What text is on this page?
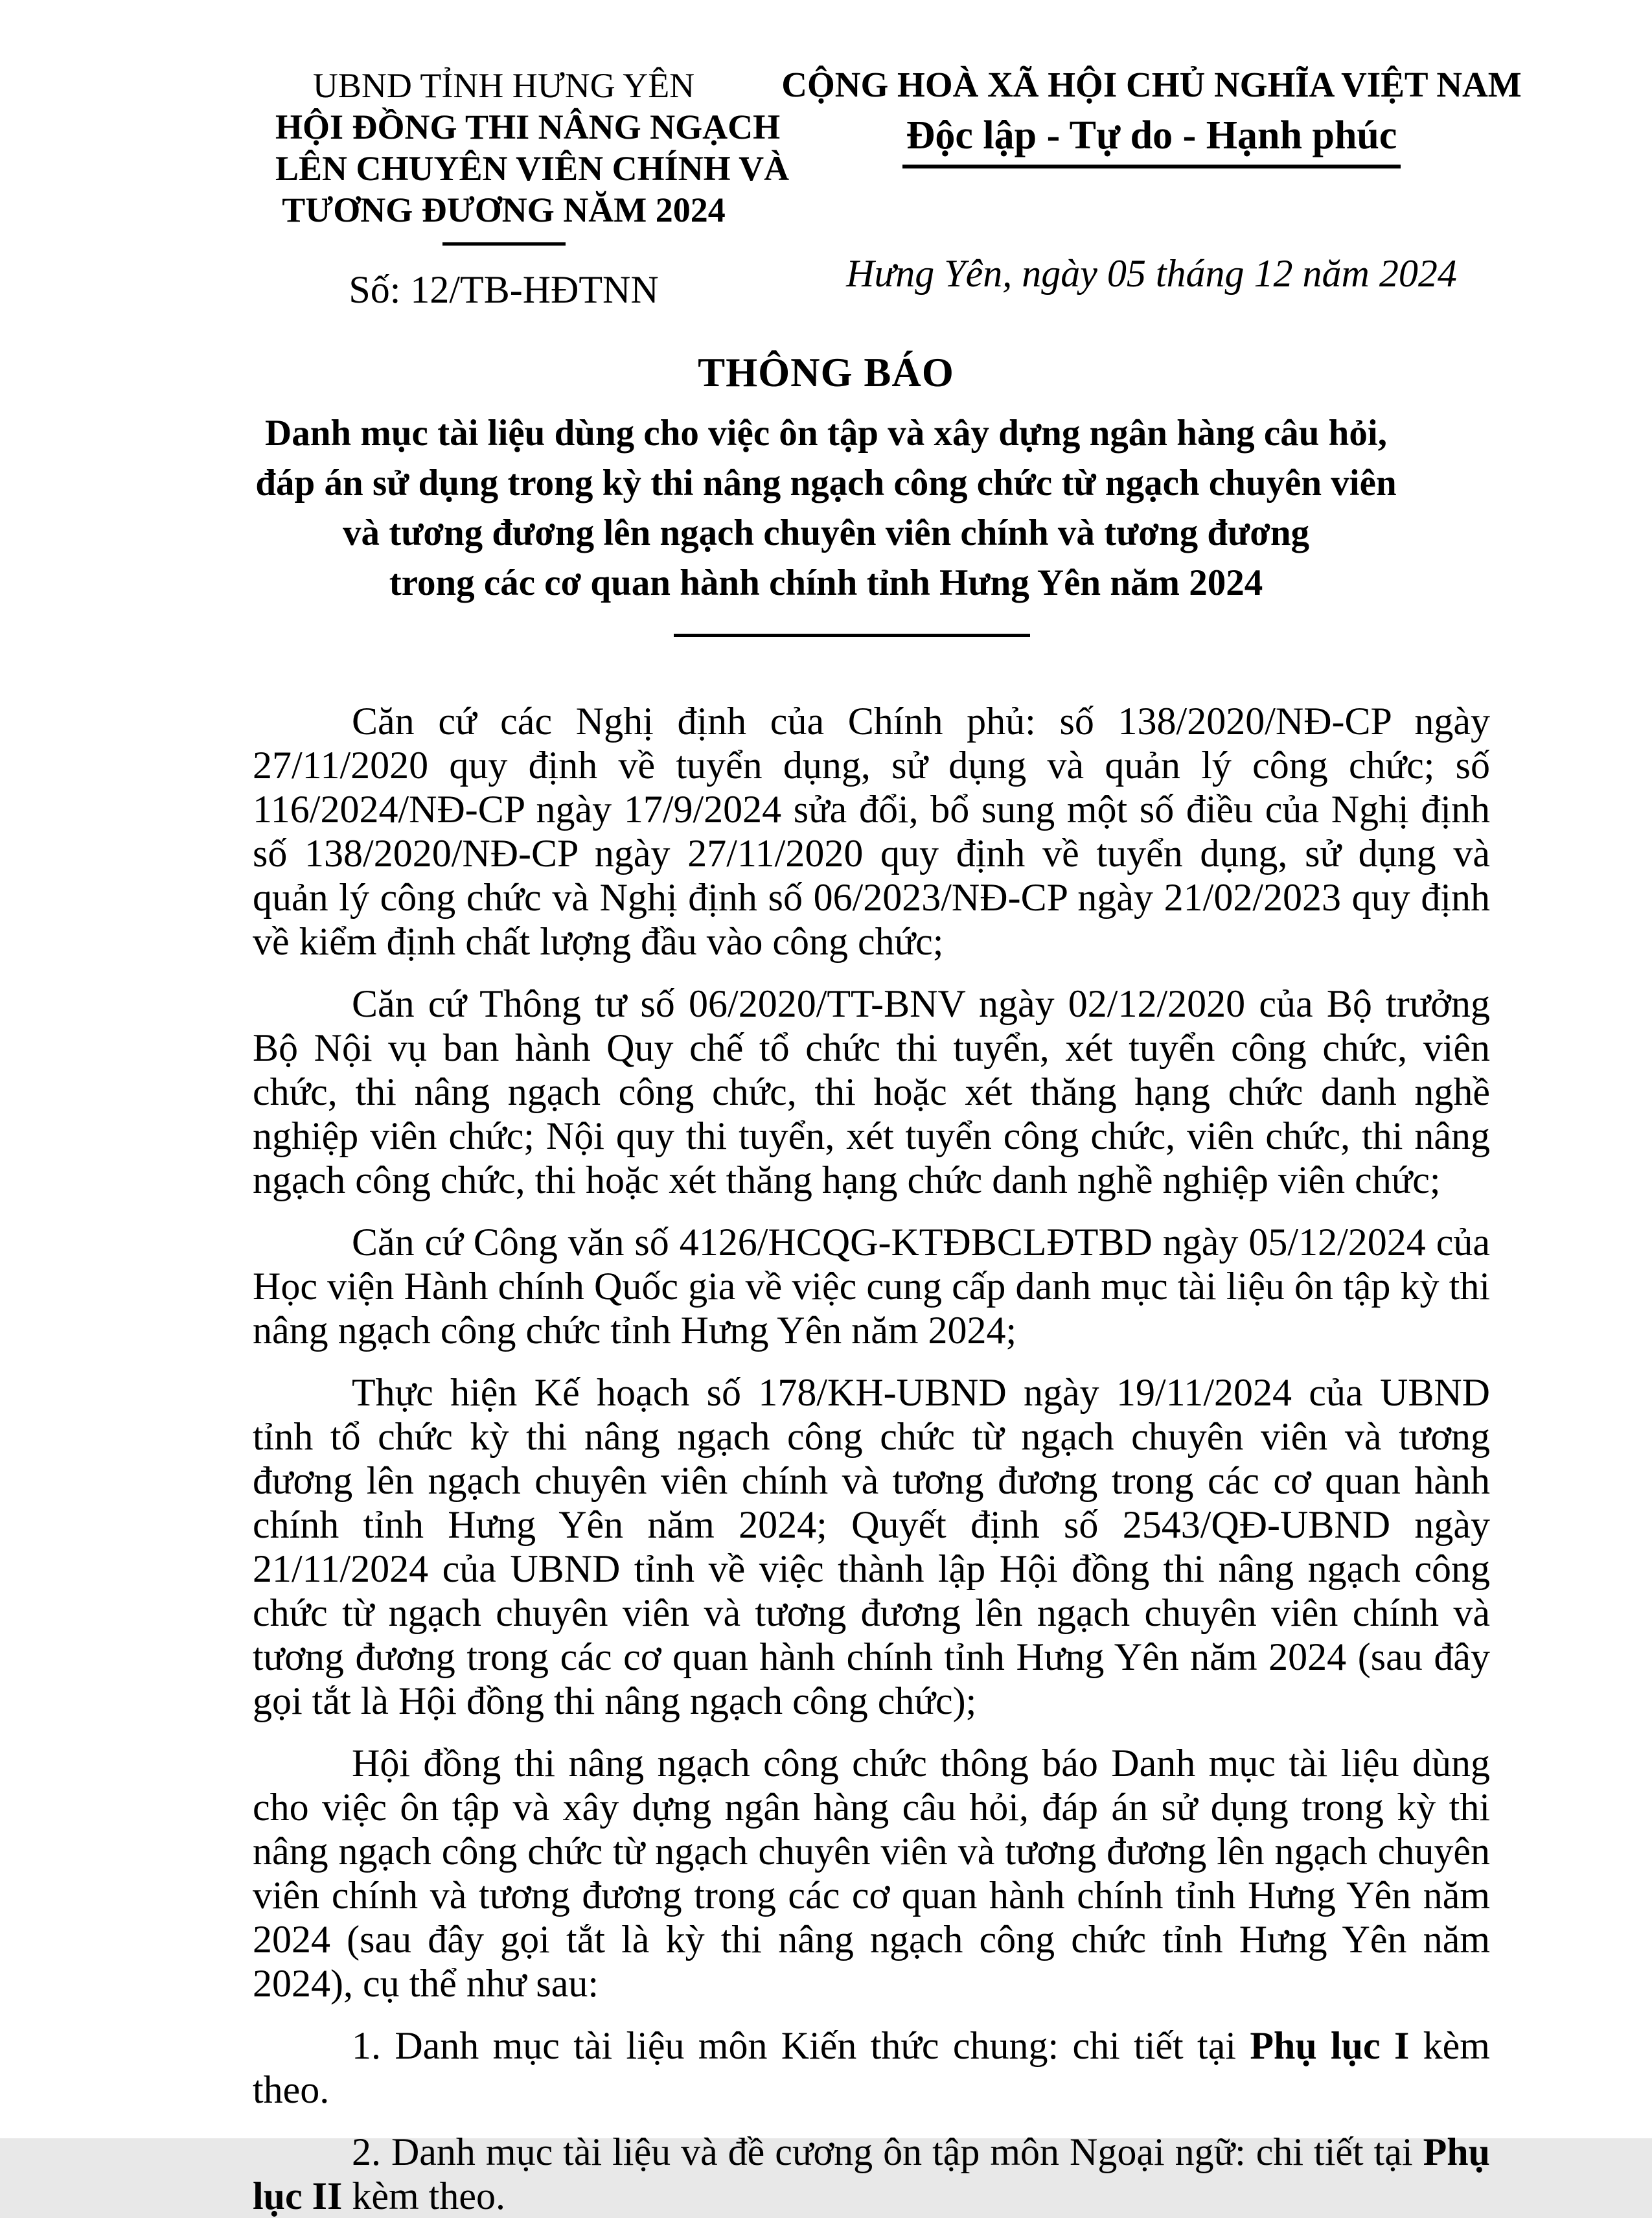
UBND TỈNH HƯNG YÊN
HỘI ĐỒNG THI NÂNG NGẠCH
LÊN CHUYÊN VIÊN CHÍNH VÀ
TƯƠNG ĐƯƠNG NĂM 2024
Số: 12/TB-HĐTNN
CỘNG HOÀ XÃ HỘI CHỦ NGHĨA VIỆT NAM
Độc lập - Tự do - Hạnh phúc
Hưng Yên, ngày 05 tháng 12 năm 2024
THÔNG BÁO
Danh mục tài liệu dùng cho việc ôn tập và xây dựng ngân hàng câu hỏi,
đáp án sử dụng trong kỳ thi nâng ngạch công chức từ ngạch chuyên viên
và tương đương lên ngạch chuyên viên chính và tương đương
trong các cơ quan hành chính tỉnh Hưng Yên năm 2024

Căn cứ các Nghị định của Chính phủ: số 138/2020/NĐ-CP ngày 27/11/2020 quy định về tuyển dụng, sử dụng và quản lý công chức; số 116/2024/NĐ-CP ngày 17/9/2024 sửa đổi, bổ sung một số điều của Nghị định số 138/2020/NĐ-CP ngày 27/11/2020 quy định về tuyển dụng, sử dụng và quản lý công chức và Nghị định số 06/2023/NĐ-CP ngày 21/02/2023 quy định về kiểm định chất lượng đầu vào công chức;

Căn cứ Thông tư số 06/2020/TT-BNV ngày 02/12/2020 của Bộ trưởng Bộ Nội vụ ban hành Quy chế tổ chức thi tuyển, xét tuyển công chức, viên chức, thi nâng ngạch công chức, thi hoặc xét thăng hạng chức danh nghề nghiệp viên chức; Nội quy thi tuyển, xét tuyển công chức, viên chức, thi nâng ngạch công chức, thi hoặc xét thăng hạng chức danh nghề nghiệp viên chức;

Căn cứ Công văn số 4126/HCQG-KTĐBCLĐTBD ngày 05/12/2024 của Học viện Hành chính Quốc gia về việc cung cấp danh mục tài liệu ôn tập kỳ thi nâng ngạch công chức tỉnh Hưng Yên năm 2024;

Thực hiện Kế hoạch số 178/KH-UBND ngày 19/11/2024 của UBND tỉnh tổ chức kỳ thi nâng ngạch công chức từ ngạch chuyên viên và tương đương lên ngạch chuyên viên chính và tương đương trong các cơ quan hành chính tỉnh Hưng Yên năm 2024; Quyết định số 2543/QĐ-UBND ngày 21/11/2024 của UBND tỉnh về việc thành lập Hội đồng thi nâng ngạch công chức từ ngạch chuyên viên và tương đương lên ngạch chuyên viên chính và tương đương trong các cơ quan hành chính tỉnh Hưng Yên năm 2024 (sau đây gọi tắt là Hội đồng thi nâng ngạch công chức);

Hội đồng thi nâng ngạch công chức thông báo Danh mục tài liệu dùng cho việc ôn tập và xây dựng ngân hàng câu hỏi, đáp án sử dụng trong kỳ thi nâng ngạch công chức từ ngạch chuyên viên và tương đương lên ngạch chuyên viên chính và tương đương trong các cơ quan hành chính tỉnh Hưng Yên năm 2024 (sau đây gọi tắt là kỳ thi nâng ngạch công chức tỉnh Hưng Yên năm 2024), cụ thể như sau:

1. Danh mục tài liệu môn Kiến thức chung: chi tiết tại Phụ lục I kèm theo.

2. Danh mục tài liệu và đề cương ôn tập môn Ngoại ngữ: chi tiết tại Phụ lục II kèm theo.
